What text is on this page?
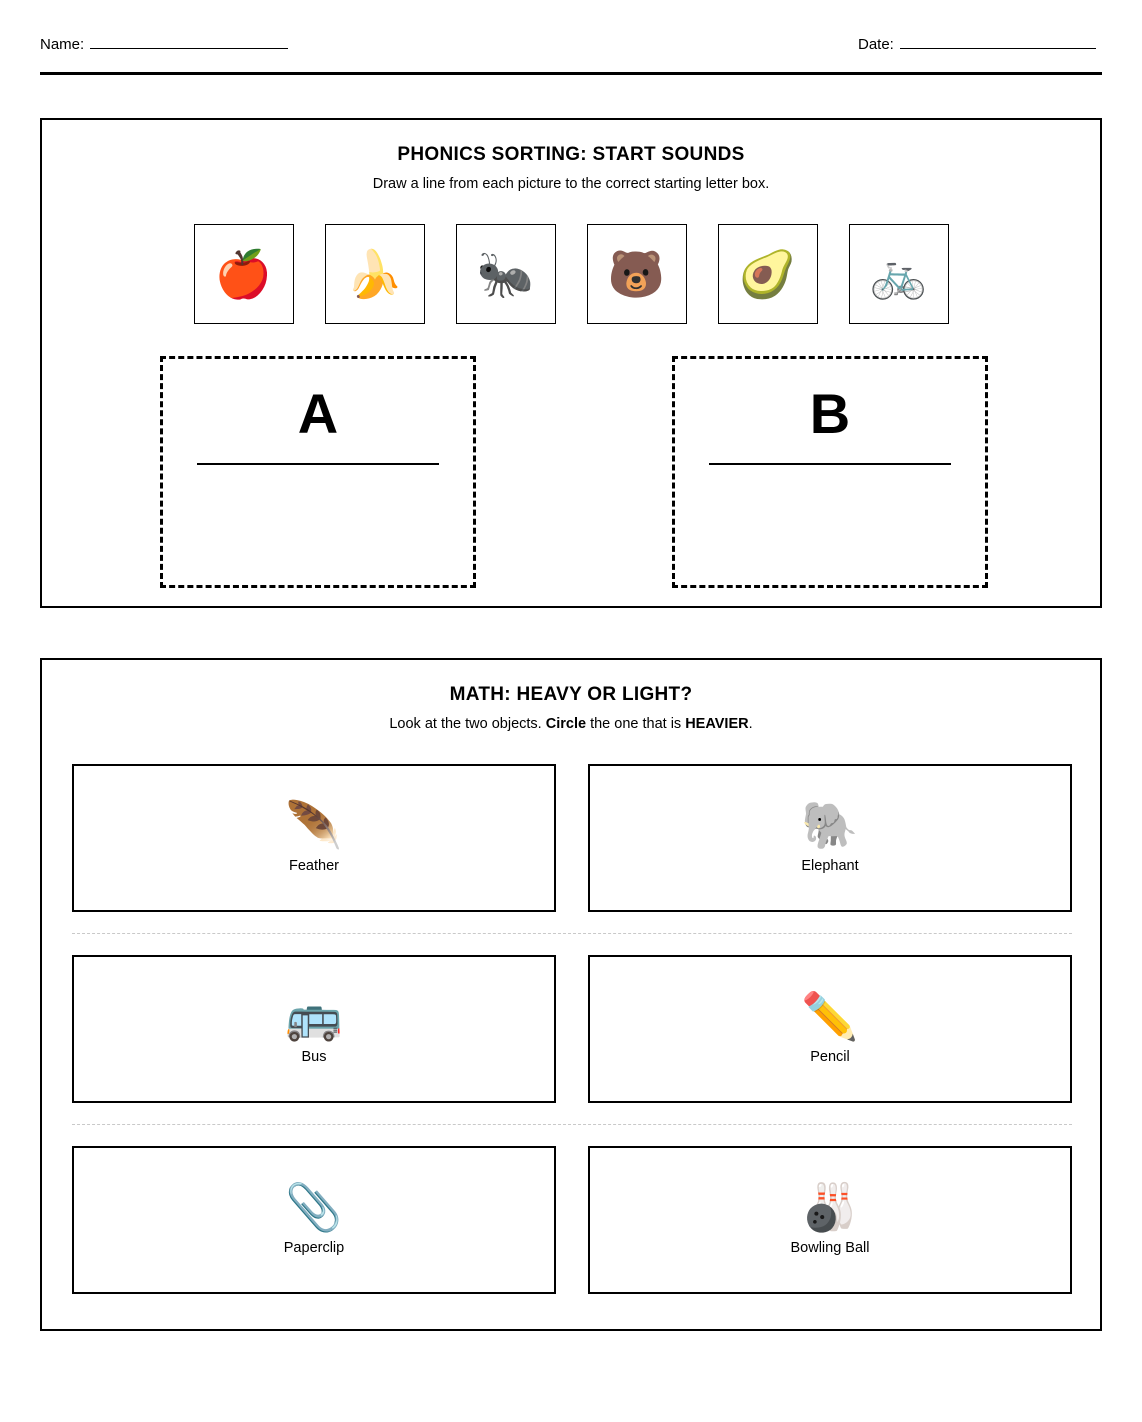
Name:	Date:
PHONICS SORTING: START SOUNDS
Draw a line from each picture to the correct starting letter box.
🍎 🍌 🐜 🐻 🥑 🚲
A	B
MATH: HEAVY OR LIGHT?
Look at the two objects. Circle the one that is HEAVIER.
🪶
Feather
🐘
Elephant
🚌
Bus
✏️
Pencil
📎
Paperclip
🎳
Bowling Ball
